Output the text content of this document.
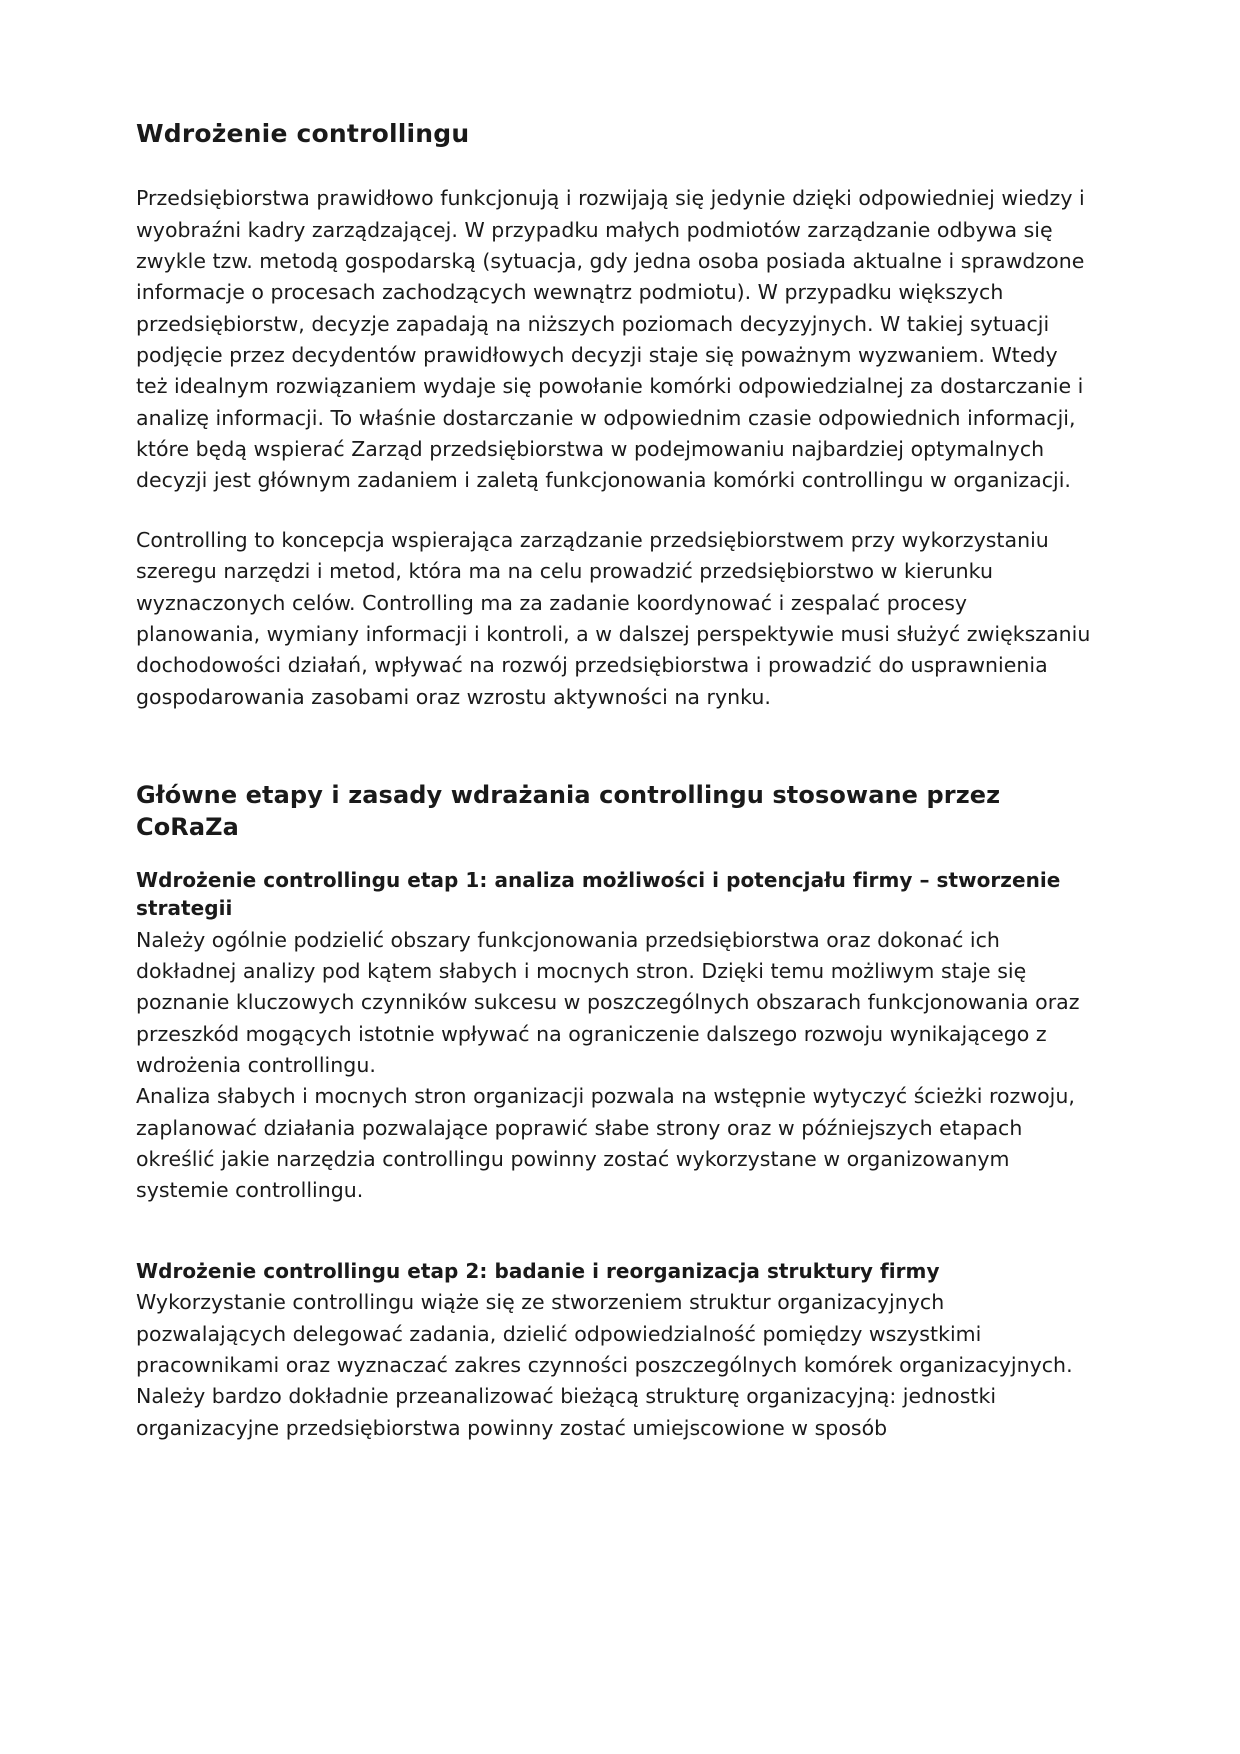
Wdrożenie controllingu

Przedsiębiorstwa prawidłowo funkcjonują i rozwijają się jedynie dzięki odpowiedniej wiedzy i wyobraźni kadry zarządzającej. W przypadku małych podmiotów zarządzanie odbywa się zwykle tzw. metodą gospodarską (sytuacja, gdy jedna osoba posiada aktualne i sprawdzone informacje o procesach zachodzących wewnątrz podmiotu). W przypadku większych przedsiębiorstw, decyzje zapadają na niższych poziomach decyzyjnych. W takiej sytuacji podjęcie przez decydentów prawidłowych decyzji staje się poważnym wyzwaniem. Wtedy też idealnym rozwiązaniem wydaje się powołanie komórki odpowiedzialnej za dostarczanie i analizę informacji. To właśnie dostarczanie w odpowiednim czasie odpowiednich informacji, które będą wspierać Zarząd przedsiębiorstwa w podejmowaniu najbardziej optymalnych decyzji jest głównym zadaniem i zaletą funkcjonowania komórki controllingu w organizacji.

Controlling to koncepcja wspierająca zarządzanie przedsiębiorstwem przy wykorzystaniu szeregu narzędzi i metod, która ma na celu prowadzić przedsiębiorstwo w kierunku wyznaczonych celów. Controlling ma za zadanie koordynować i zespalać procesy planowania, wymiany informacji i kontroli, a w dalszej perspektywie musi służyć zwiększaniu dochodowości działań, wpływać na rozwój przedsiębiorstwa i prowadzić do usprawnienia gospodarowania zasobami oraz wzrostu aktywności na rynku.

Główne etapy i zasady wdrażania controllingu stosowane przez CoRaZa
Wdrożenie controllingu etap 1: analiza możliwości i potencjału firmy – stworzenie strategii

Należy ogólnie podzielić obszary funkcjonowania przedsiębiorstwa oraz dokonać ich dokładnej analizy pod kątem słabych i mocnych stron. Dzięki temu możliwym staje się poznanie kluczowych czynników sukcesu w poszczególnych obszarach funkcjonowania oraz przeszkód mogących istotnie wpływać na ograniczenie dalszego rozwoju wynikającego z wdrożenia controllingu.

Analiza słabych i mocnych stron organizacji pozwala na wstępnie wytyczyć ścieżki rozwoju, zaplanować działania pozwalające poprawić słabe strony oraz w późniejszych etapach określić jakie narzędzia controllingu powinny zostać wykorzystane w organizowanym systemie controllingu.

Wdrożenie controllingu etap 2: badanie i reorganizacja struktury firmy

Wykorzystanie controllingu wiąże się ze stworzeniem struktur organizacyjnych pozwalających delegować zadania, dzielić odpowiedzialność pomiędzy wszystkimi pracownikami oraz wyznaczać zakres czynności poszczególnych komórek organizacyjnych.

Należy bardzo dokładnie przeanalizować bieżącą strukturę organizacyjną: jednostki organizacyjne przedsiębiorstwa powinny zostać umiejscowione w sposób
